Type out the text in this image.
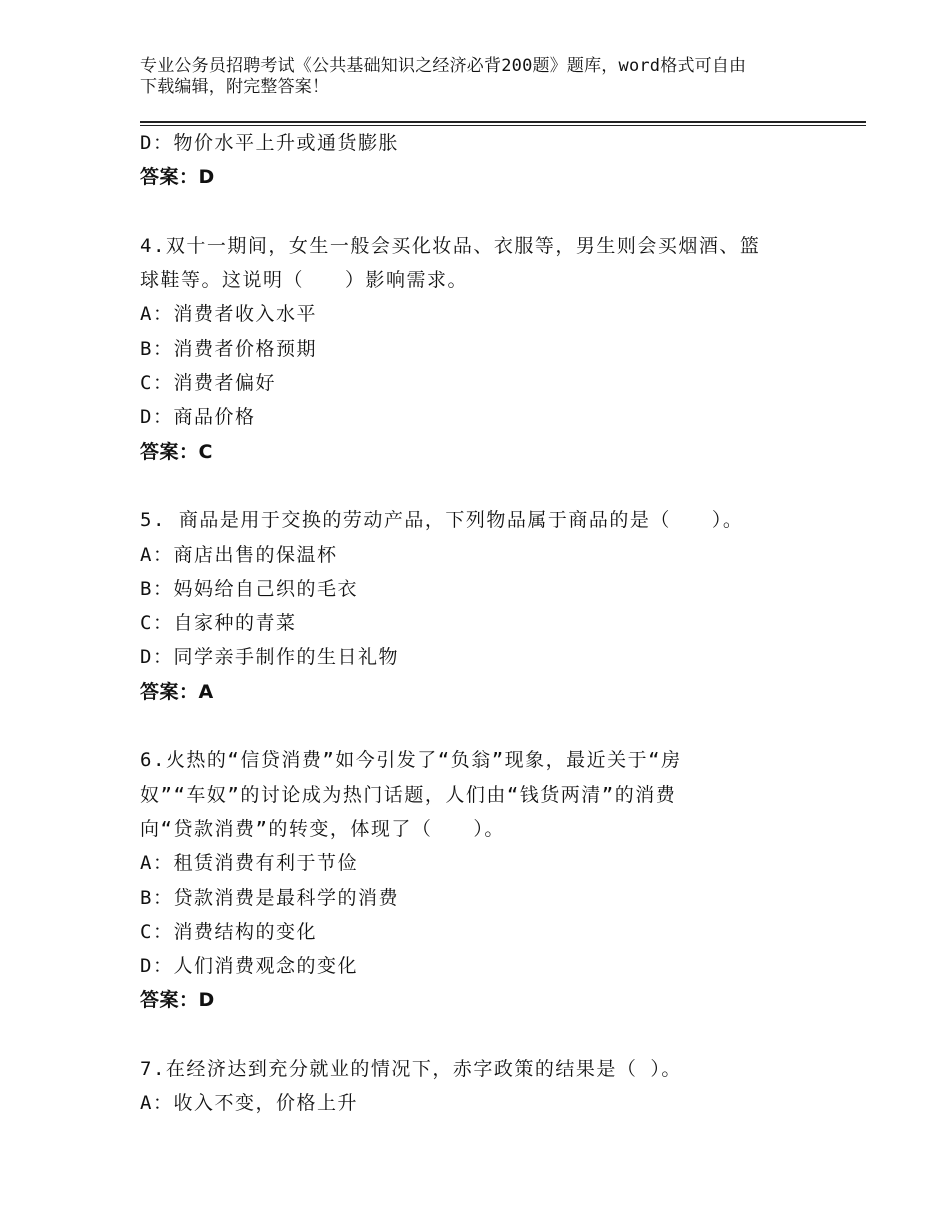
专业公务员招聘考试《公共基础知识之经济必背200题》题库，word格式可自由
下载编辑，附完整答案！
D：物价水平上升或通货膨胀
答案：D
4.双十一期间，女生一般会买化妆品、衣服等，男生则会买烟酒、篮
球鞋等。这说明（　　）影响需求。
A：消费者收入水平
B：消费者价格预期
C：消费者偏好
D：商品价格
答案：C
5. 商品是用于交换的劳动产品，下列物品属于商品的是（　　）。
A：商店出售的保温杯
B：妈妈给自己织的毛衣
C：自家种的青菜
D：同学亲手制作的生日礼物
答案：A
6.火热的“信贷消费”如今引发了“负翁”现象，最近关于“房
奴”“车奴”的讨论成为热门话题，人们由“钱货两清”的消费
向“贷款消费”的转变，体现了（　　）。
A：租赁消费有利于节俭
B：贷款消费是最科学的消费
C：消费结构的变化
D：人们消费观念的变化
答案：D
7.在经济达到充分就业的情况下，赤字政策的结果是（ ）。
A：收入不变，价格上升
